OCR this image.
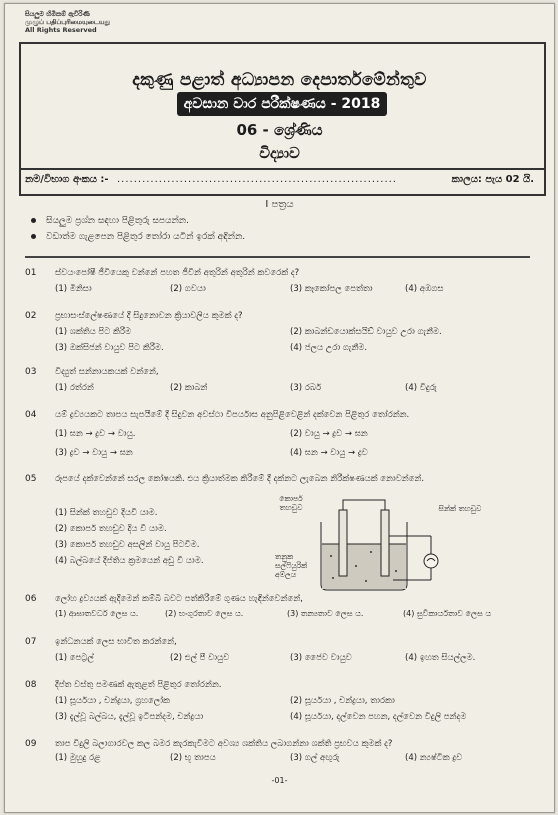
සියලුම හිමිකම් ඇවිරිණි
முழுப் பதிப்புரிமையுடையது
All Rights Reserved
දකුණු පළාත් අධ්‍යාපන දෙපාර්තමේන්තුව
අවසාන වාර පරීක්ෂණය - 2018
06 - ශ්‍රේණිය
විද්‍යාව
නම/විභාග අංකය :- ...................................................................	කාලය: පැය 02 යි.
I පත්‍රය
සියලුම ප්‍රශ්න සඳහා පිළිතුරු සපයන්න.
වඩාත්ම ගැළපෙන පිළිතුර තෝරා යටින් ඉරක් අඳින්න.
01 ස්වයංපෝෂී ජීවියෙකු වන්නේ පහත ජීවීන් අතුරින් අතුරින් කවරෙක් ද?
(1) මිනිසා	(2) ගවයා	(3) කෑකෝපල පෙත්තා	(4) අඹගස
02 ප්‍රභාසංස්ලේෂණයේ දී සිදුනොවන ක්‍රියාවලිය කුමක් ද?
(1) ශක්තිය පිට කිරීම	(2) කාබන්ඩයොක්සයිඩ් වායුව උරා ගැනීම.
(3) ඔක්සිජන් වායුව පිට කිරීම.	(4) ජලය උරා ගැනීම.
03 විද්‍යුත් සන්නායකයක් වන්නේ,
(1) රත්රන්	(2) කාබන්	(3) රබර්	(4) වීදුරු
04 යම් ද්‍රව්‍යයකට තාපය සැපයීමේ දී සිදුවන අවස්ථා විපර්යාස අනුපිළිවෙළින් දක්වෙන පිළිතුර තෝරන්න.
(1) ඝන → ද්‍රව → වායු.	(2) වායු → ද්‍රව → ඝන
(3) ද්‍රව → වායු → ඝන	(4) ඝන → වායු → ද්‍රව
05 රූපයේ දක්වෙන්නේ සරල කෝෂයකි. එය ක්‍රියාත්මක කිරීමේ දී දක්නට ලැබෙන නිරීක්ෂණයක් නොවන්නේ.
(1) සින්ක් තහඩුව දියවී යාම.
(2) කොපර් තහඩුව දිය වී යාම.
(3) කොපර් තහඩුව අසලින් වායු පිටවීම.
(4) බල්බයේ දීප්තිය ක්‍රමයෙන් අඩු වී යාම.
කොපර් තහඩුව	සින්ක් තහඩුව
තනුක සල්ෆියුරික් අම්ලය
06 ලෝහ ද්‍රව්‍යයක් ඇදීමෙන් කම්බි බවට පත්කිරීමේ ගුණය හැඳින්වෙන්නේ,
(1) ආඝාතවර්ධ ලෙස ය.	(2) භංගුරතාව ලෙස ය.	(3) තන්‍යතාව ලෙස ය.	(4) සුවිකාර්යතාව ලෙස ය
07 ඉන්ධනයක් ලෙස භාවිත කරන්නේ,
(1) පෙට්‍රල්	(2) එල් පී වායුව	(3) ජෛව වායුව	(4) ඉහත සියල්ලම.
08 දීප්ත වස්තු පමණක් ඇතුළත් පිළිතුර තෝරන්න.
(1) සූර්යයා , චන්ද්‍රයා, ග්‍රහලෝක	(2) සූර්යයා , චන්ද්‍රයා, තාරකා
(3) දැල්වූ බල්බය, දැල්වූ ඉටිපන්දම, චන්ද්‍රයා	(4) සූර්යයා, දල්වෙන පහන, දල්වෙන විදුලි පන්දම
09 තාප විදුලි බලාගාරවල කල බමර කැරකැවීමට අවශ්‍ය ශක්තිය ලබාගන්නා ශක්ති ප්‍රභවය කුමක් ද?
(1) මුහුදු රළ	(2) භූ තාපය	(3) ගල් අඟුරු	(4) න්‍යෂ්ටික ද්‍රව
-01-
